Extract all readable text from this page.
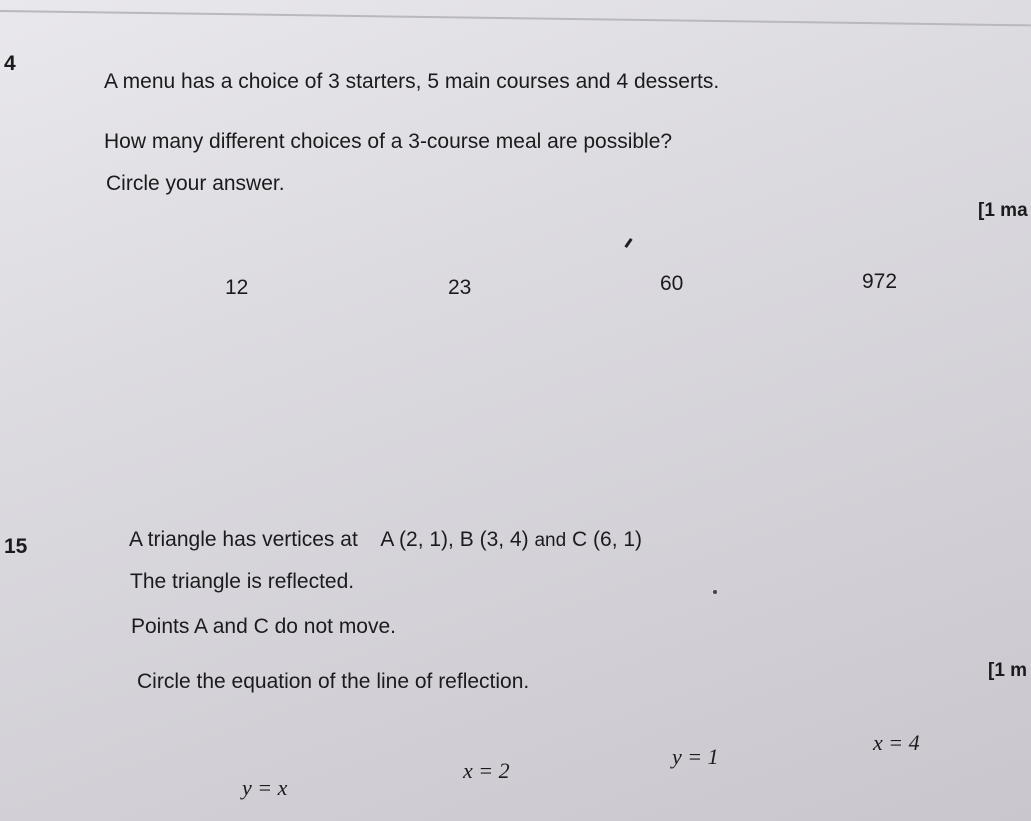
4
A menu has a choice of 3 starters, 5 main courses and 4 desserts.
How many different choices of a 3-course meal are possible?
Circle your answer.
[1 ma
12	23	60	972
15	A triangle has vertices at A (2, 1), B (3, 4) and C (6, 1)
The triangle is reflected.
Points A and C do not move.
Circle the equation of the line of reflection.	[1 m
y = x
x = 2
y = 1
x = 4
